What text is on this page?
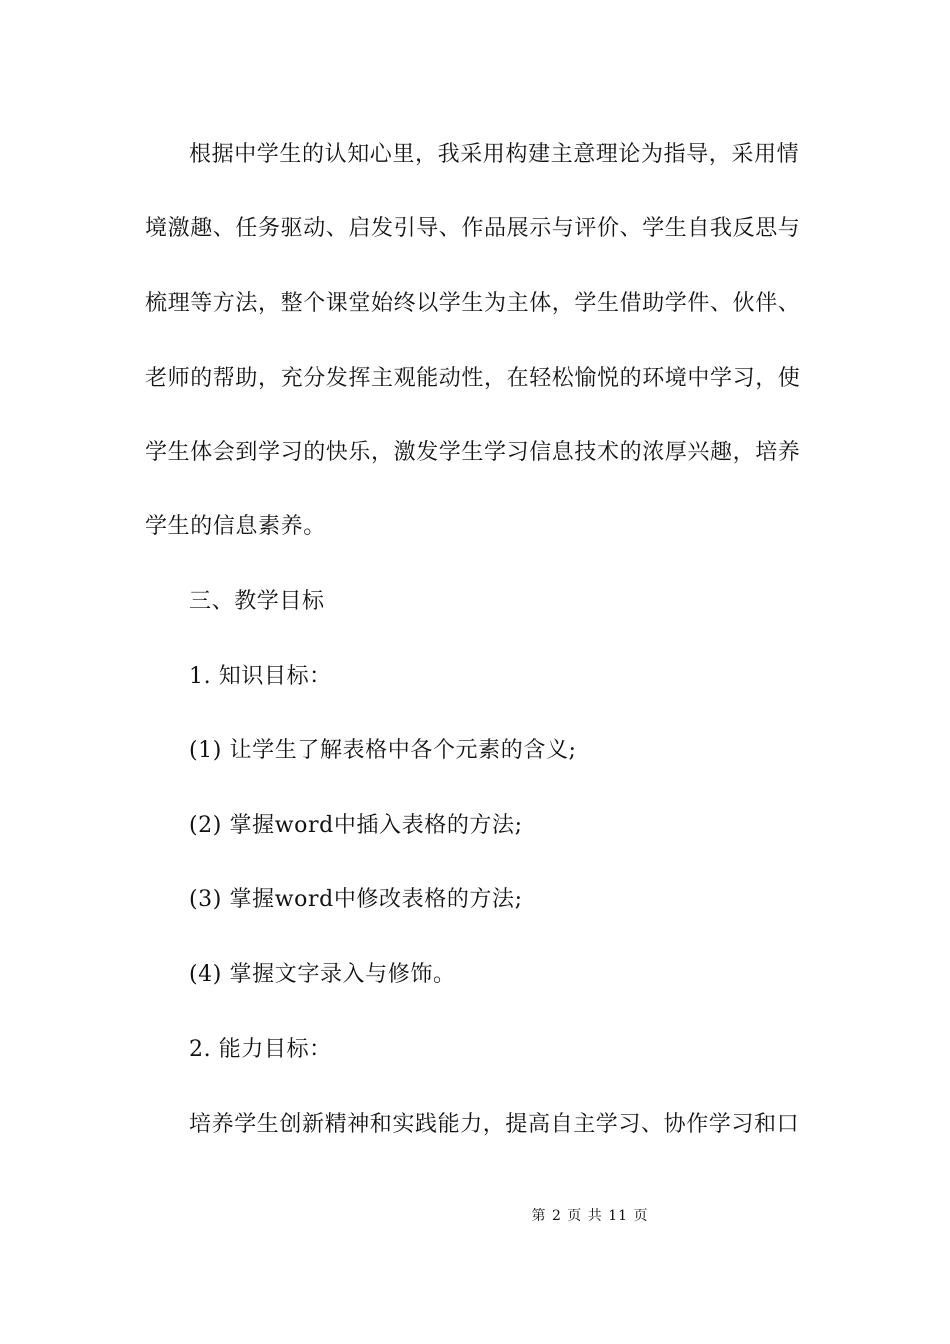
根据中学生的认知心里，我采用构建主意理论为指导，采用情
境激趣、任务驱动、启发引导、作品展示与评价、学生自我反思与
梳理等方法，整个课堂始终以学生为主体，学生借助学件、伙伴、
老师的帮助，充分发挥主观能动性，在轻松愉悦的环境中学习，使
学生体会到学习的快乐，激发学生学习信息技术的浓厚兴趣，培养
学生的信息素养。
三、教学目标
1. 知识目标：
(1) 让学生了解表格中各个元素的含义;
(2) 掌握word中插入表格的方法;
(3) 掌握word中修改表格的方法;
(4) 掌握文字录入与修饰。
2. 能力目标：
培养学生创新精神和实践能力，提高自主学习、协作学习和口
第 2 页 共 11 页
